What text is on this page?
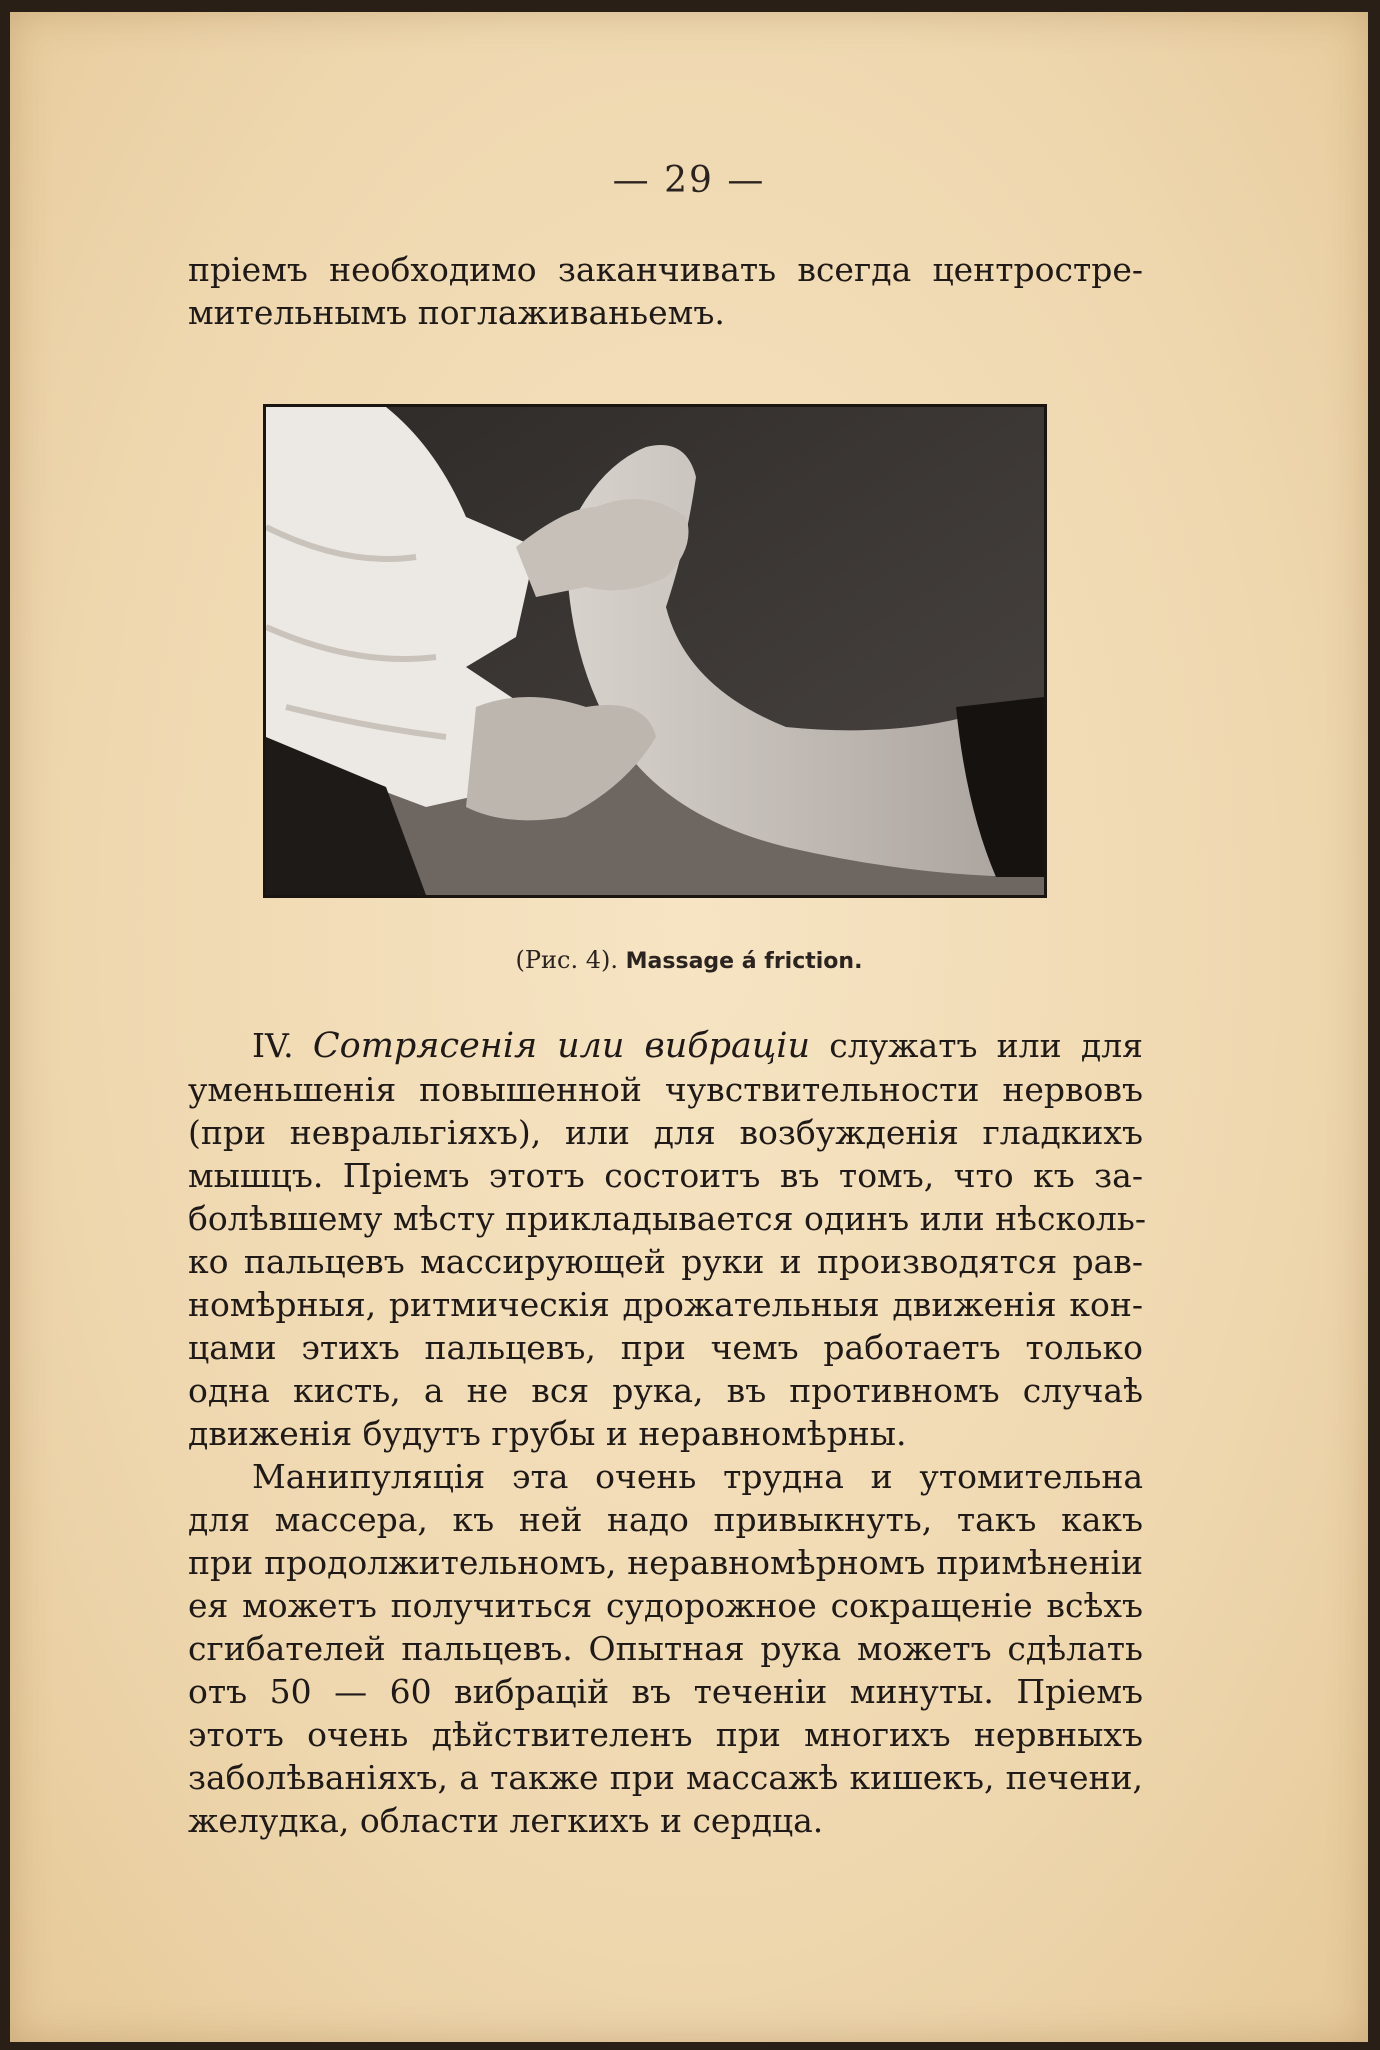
— 29 —
пріемъ необходимо заканчивать всегда центростре-
мительнымъ поглаживаньемъ.
(Рис. 4). Massage á friction.
IV. Сотрясенія или вибраціи служатъ или для
уменьшенія повышенной чувствительности нервовъ
(при невральгіяхъ), или для возбужденія гладкихъ
мышцъ. Пріемъ этотъ состоитъ въ томъ, что къ за-
болѣвшему мѣсту прикладывается одинъ или нѣсколь-
ко пальцевъ массирующей руки и производятся рав-
номѣрныя, ритмическія дрожательныя движенія кон-
цами этихъ пальцевъ, при чемъ работаетъ только
одна кисть, а не вся рука, въ противномъ случаѣ
движенія будутъ грубы и неравномѣрны.
Манипуляція эта очень трудна и утомительна
для массера, къ ней надо привыкнуть, такъ какъ
при продолжительномъ, неравномѣрномъ примѣненіи
ея можетъ получиться судорожное сокращеніе всѣхъ
сгибателей пальцевъ. Опытная рука можетъ сдѣлать
отъ 50 — 60 вибрацій въ теченіи минуты. Пріемъ
этотъ очень дѣйствителенъ при многихъ нервныхъ
заболѣваніяхъ, а также при массажѣ кишекъ, печени,
желудка, области легкихъ и сердца.
